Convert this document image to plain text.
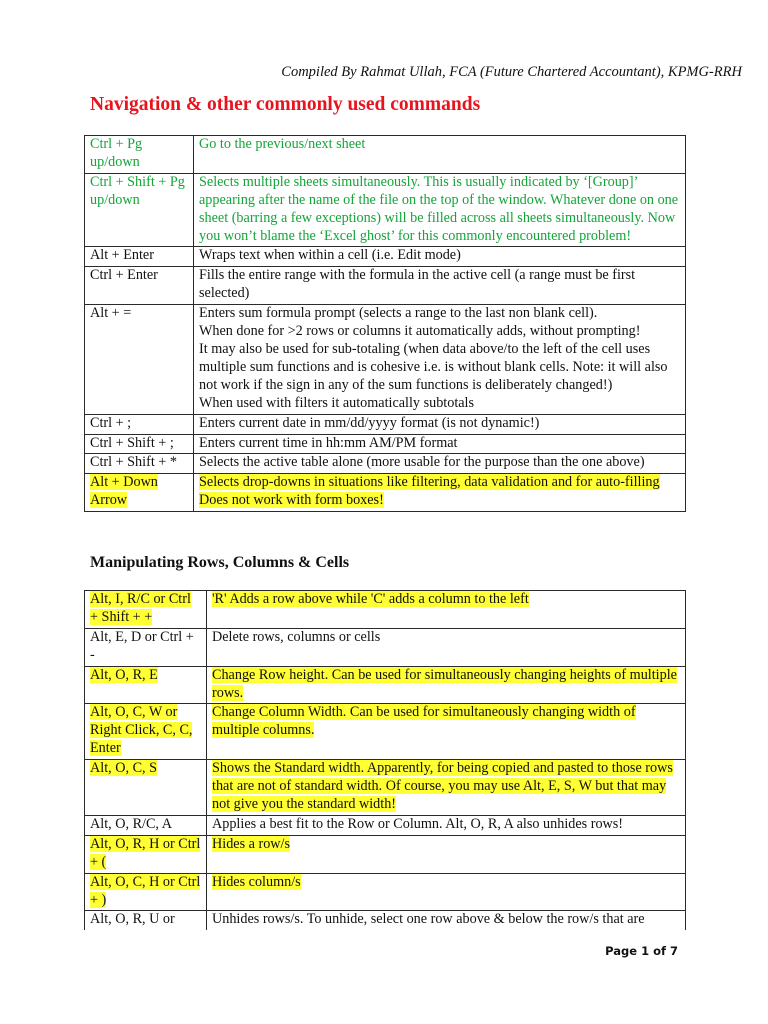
Compiled By Rahmat Ullah, FCA (Future Chartered Accountant), KPMG-RRH
Navigation & other commonly used commands
Ctrl + Pg up/down	Go to the previous/next sheet
Ctrl + Shift + Pg up/down	Selects multiple sheets simultaneously. This is usually indicated by ‘[Group]’ appearing after the name of the file on the top of the window. Whatever done on one sheet (barring a few exceptions) will be filled across all sheets simultaneously. Now you won’t blame the ‘Excel ghost’ for this commonly encountered problem!
Alt + Enter	Wraps text when within a cell (i.e. Edit mode)
Ctrl + Enter	Fills the entire range with the formula in the active cell (a range must be first selected)
Alt + =	Enters sum formula prompt (selects a range to the last non blank cell).
When done for >2 rows or columns it automatically adds, without prompting!
It may also be used for sub-totaling (when data above/to the left of the cell uses multiple sum functions and is cohesive i.e. is without blank cells. Note: it will also not work if the sign in any of the sum functions is deliberately changed!)
When used with filters it automatically subtotals
Ctrl + ;	Enters current date in mm/dd/yyyy format (is not dynamic!)
Ctrl + Shift + ;	Enters current time in hh:mm AM/PM format
Ctrl + Shift + *	Selects the active table alone (more usable for the purpose than the one above)
Alt + Down Arrow	Selects drop-downs in situations like filtering, data validation and for auto-filling
Does not work with form boxes!
Manipulating Rows, Columns & Cells
Alt, I, R/C or Ctrl + Shift + +	'R' Adds a row above while 'C' adds a column to the left
Alt, E, D or Ctrl + -	Delete rows, columns or cells
Alt, O, R, E	Change Row height. Can be used for simultaneously changing heights of multiple rows.
Alt, O, C, W or Right Click, C, C, Enter	Change Column Width. Can be used for simultaneously changing width of multiple columns.
Alt, O, C, S	Shows the Standard width. Apparently, for being copied and pasted to those rows that are not of standard width. Of course, you may use Alt, E, S, W but that may not give you the standard width!
Alt, O, R/C, A	Applies a best fit to the Row or Column. Alt, O, R, A also unhides rows!
Alt, O, R, H or Ctrl + (	Hides a row/s
Alt, O, C, H or Ctrl + )	Hides column/s
Alt, O, R, U or	Unhides rows/s. To unhide, select one row above & below the row/s that are
Page 1 of 7
